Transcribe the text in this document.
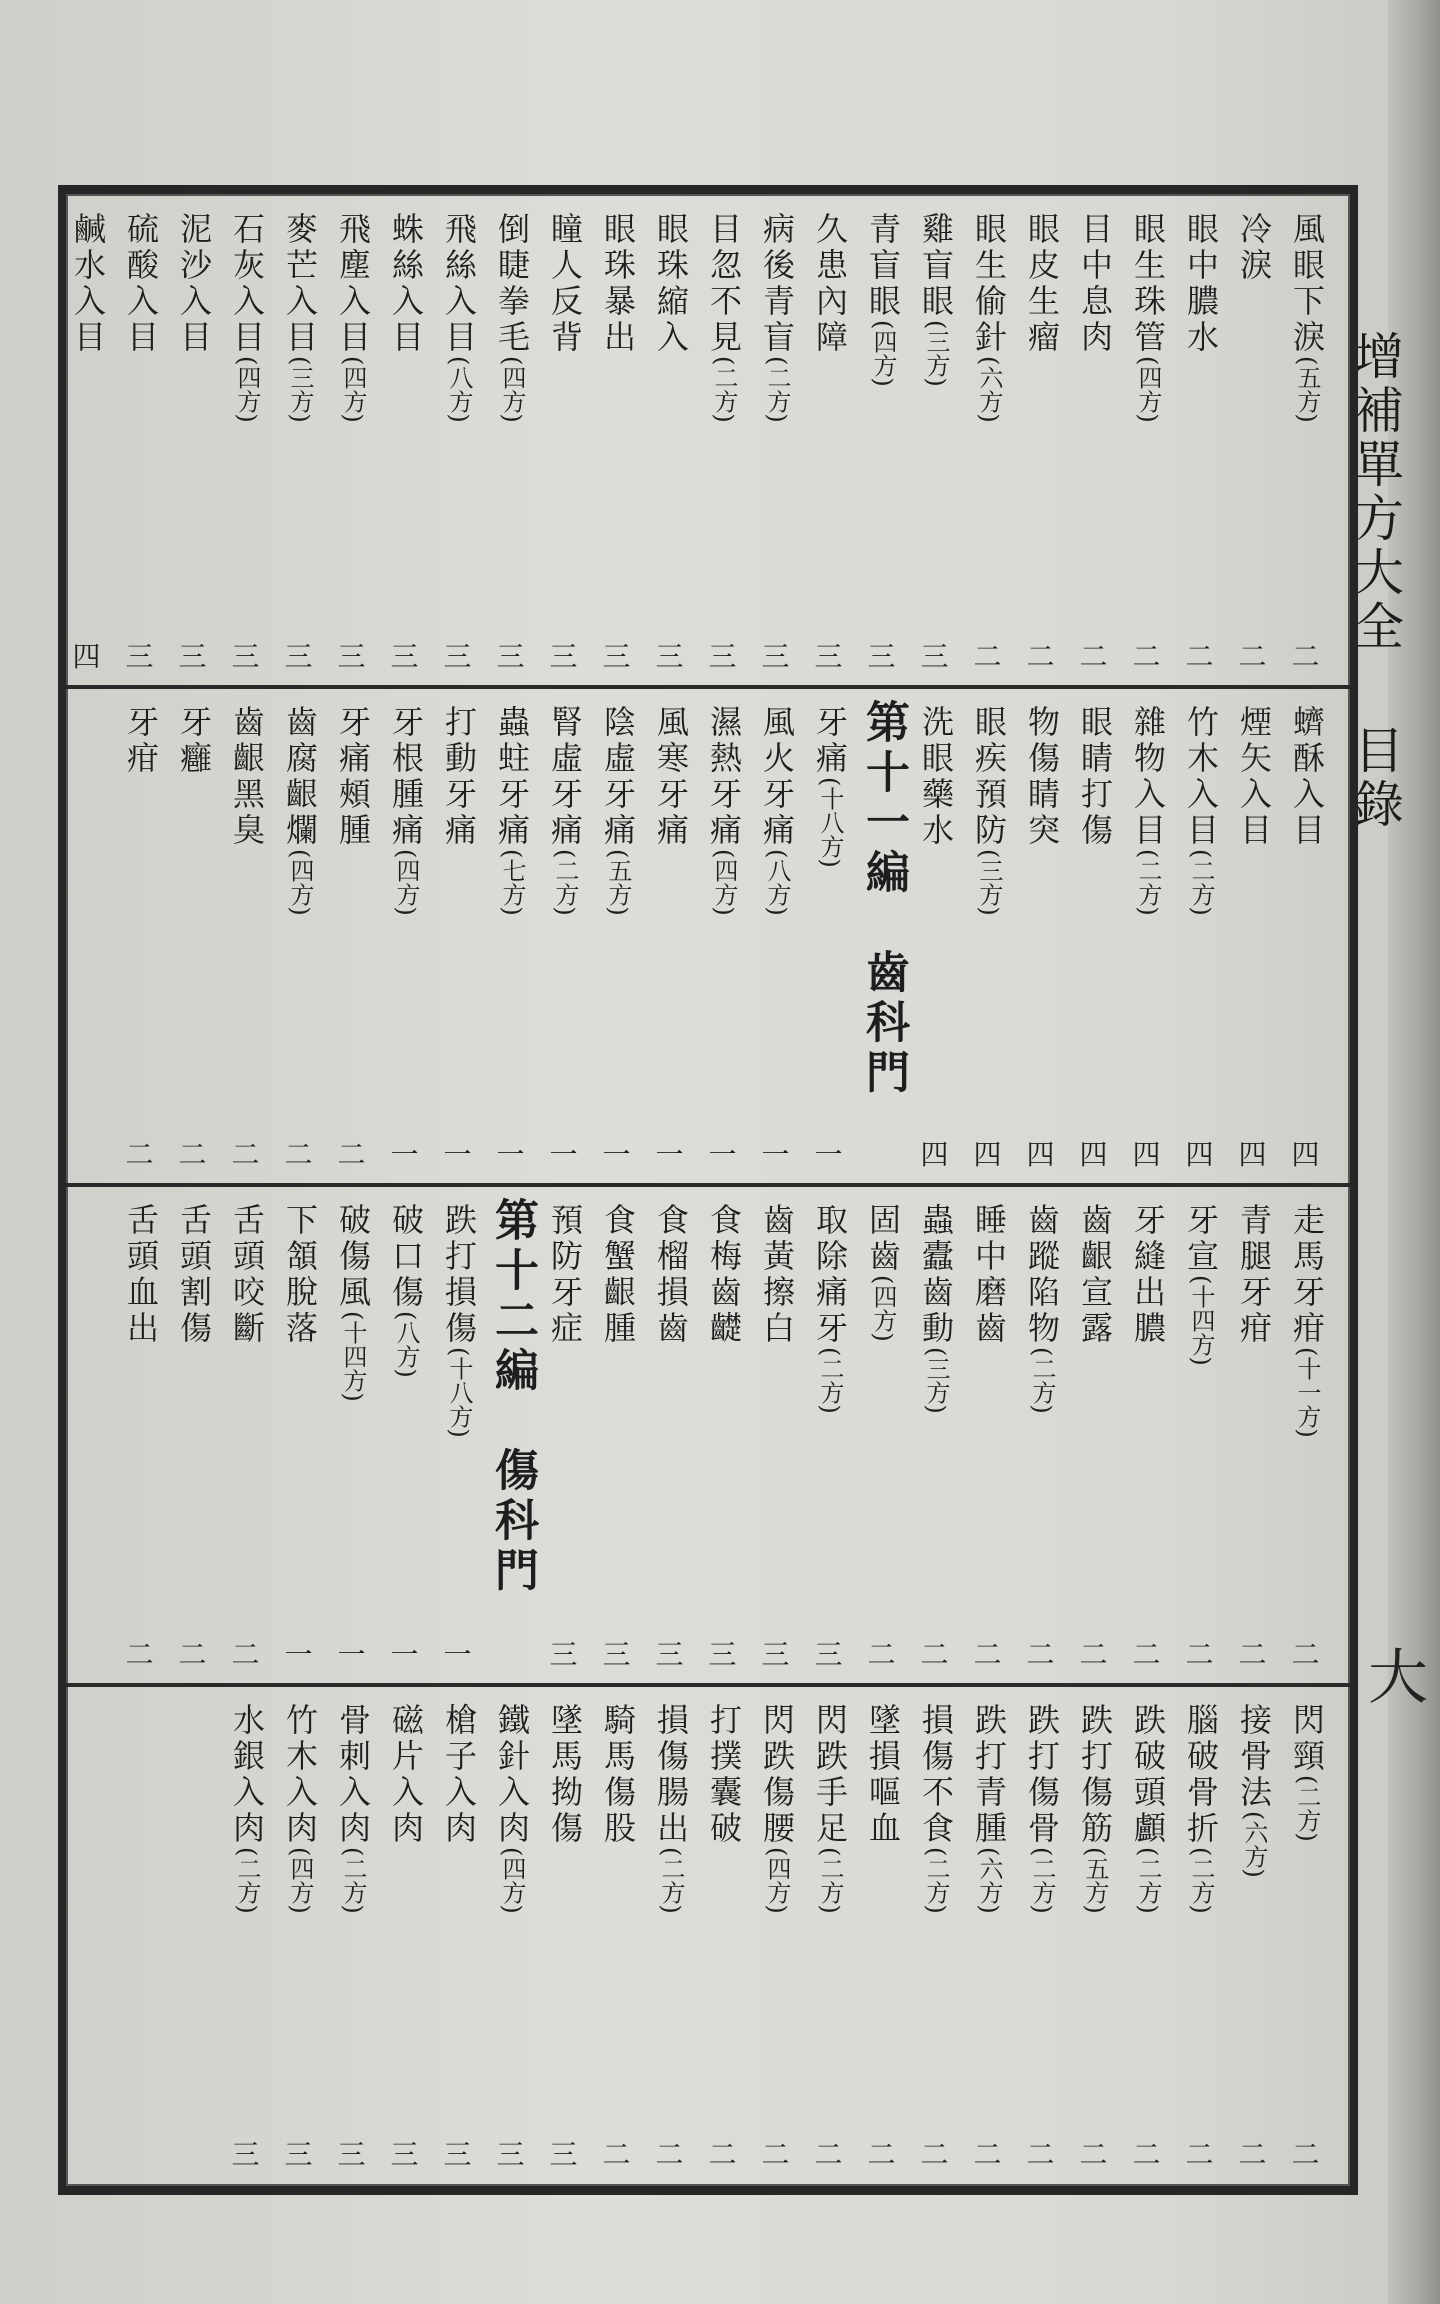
增補單方大全目錄
大
風眼下淚(五方)
二
冷淚
二
眼中膿水
二
眼生珠管(四方)
二
目中息肉
二
眼皮生瘤
二
眼生偷針(六方)
二
雞盲眼(三方)
三
青盲眼(四方)
三
久患內障
三
病後青盲(二方)
三
目忽不見(二方)
三
眼珠縮入
三
眼珠暴出
三
瞳人反背
三
倒睫拳毛(四方)
三
飛絲入目(八方)
三
蛛絲入目
三
飛塵入目(四方)
三
麥芒入目(三方)
三
石灰入目(四方)
三
泥沙入目
三
硫酸入目
三
鹹水入目
四
蠐酥入目
四
煙矢入目
四
竹木入目(二方)
四
雜物入目(二方)
四
眼睛打傷
四
物傷睛突
四
眼疾預防(三方)
四
洗眼藥水
四
第十一編　齒科門
牙痛(十八方)
一
風火牙痛(八方)
一
濕熱牙痛(四方)
一
風寒牙痛
一
陰虛牙痛(五方)
一
腎虛牙痛(二方)
一
蟲蛀牙痛(七方)
一
打動牙痛
一
牙根腫痛(四方)
一
牙痛頰腫
二
齒腐齦爛(四方)
二
齒齦黑臭
二
牙癰
二
牙疳
二
走馬牙疳(十一方)
二
青腿牙疳
二
牙宣(十四方)
二
牙縫出膿
二
齒齦宣露
二
齒蹤陷物(二方)
二
睡中磨齒
二
蟲蠹齒動(三方)
二
固齒(四方)
二
取除痛牙(二方)
三
齒黃擦白
三
食梅齒齼
三
食榴損齒
三
食蟹齦腫
三
預防牙症
三
第十二編　傷科門
跌打損傷(十八方)
一
破口傷(八方)
一
破傷風(十四方)
一
下頷脫落
一
舌頭咬斷
二
舌頭割傷
二
舌頭血出
二
閃頸(二方)
二
接骨法(六方)
二
腦破骨折(二方)
二
跌破頭顱(二方)
二
跌打傷筋(五方)
二
跌打傷骨(二方)
二
跌打青腫(六方)
二
損傷不食(二方)
二
墜損嘔血
二
閃跌手足(二方)
二
閃跌傷腰(四方)
二
打撲囊破
二
損傷腸出(二方)
二
騎馬傷股
二
墜馬拗傷
三
鐵針入肉(四方)
三
槍子入肉
三
磁片入肉
三
骨刺入肉(二方)
三
竹木入肉(四方)
三
水銀入肉(二方)
三
